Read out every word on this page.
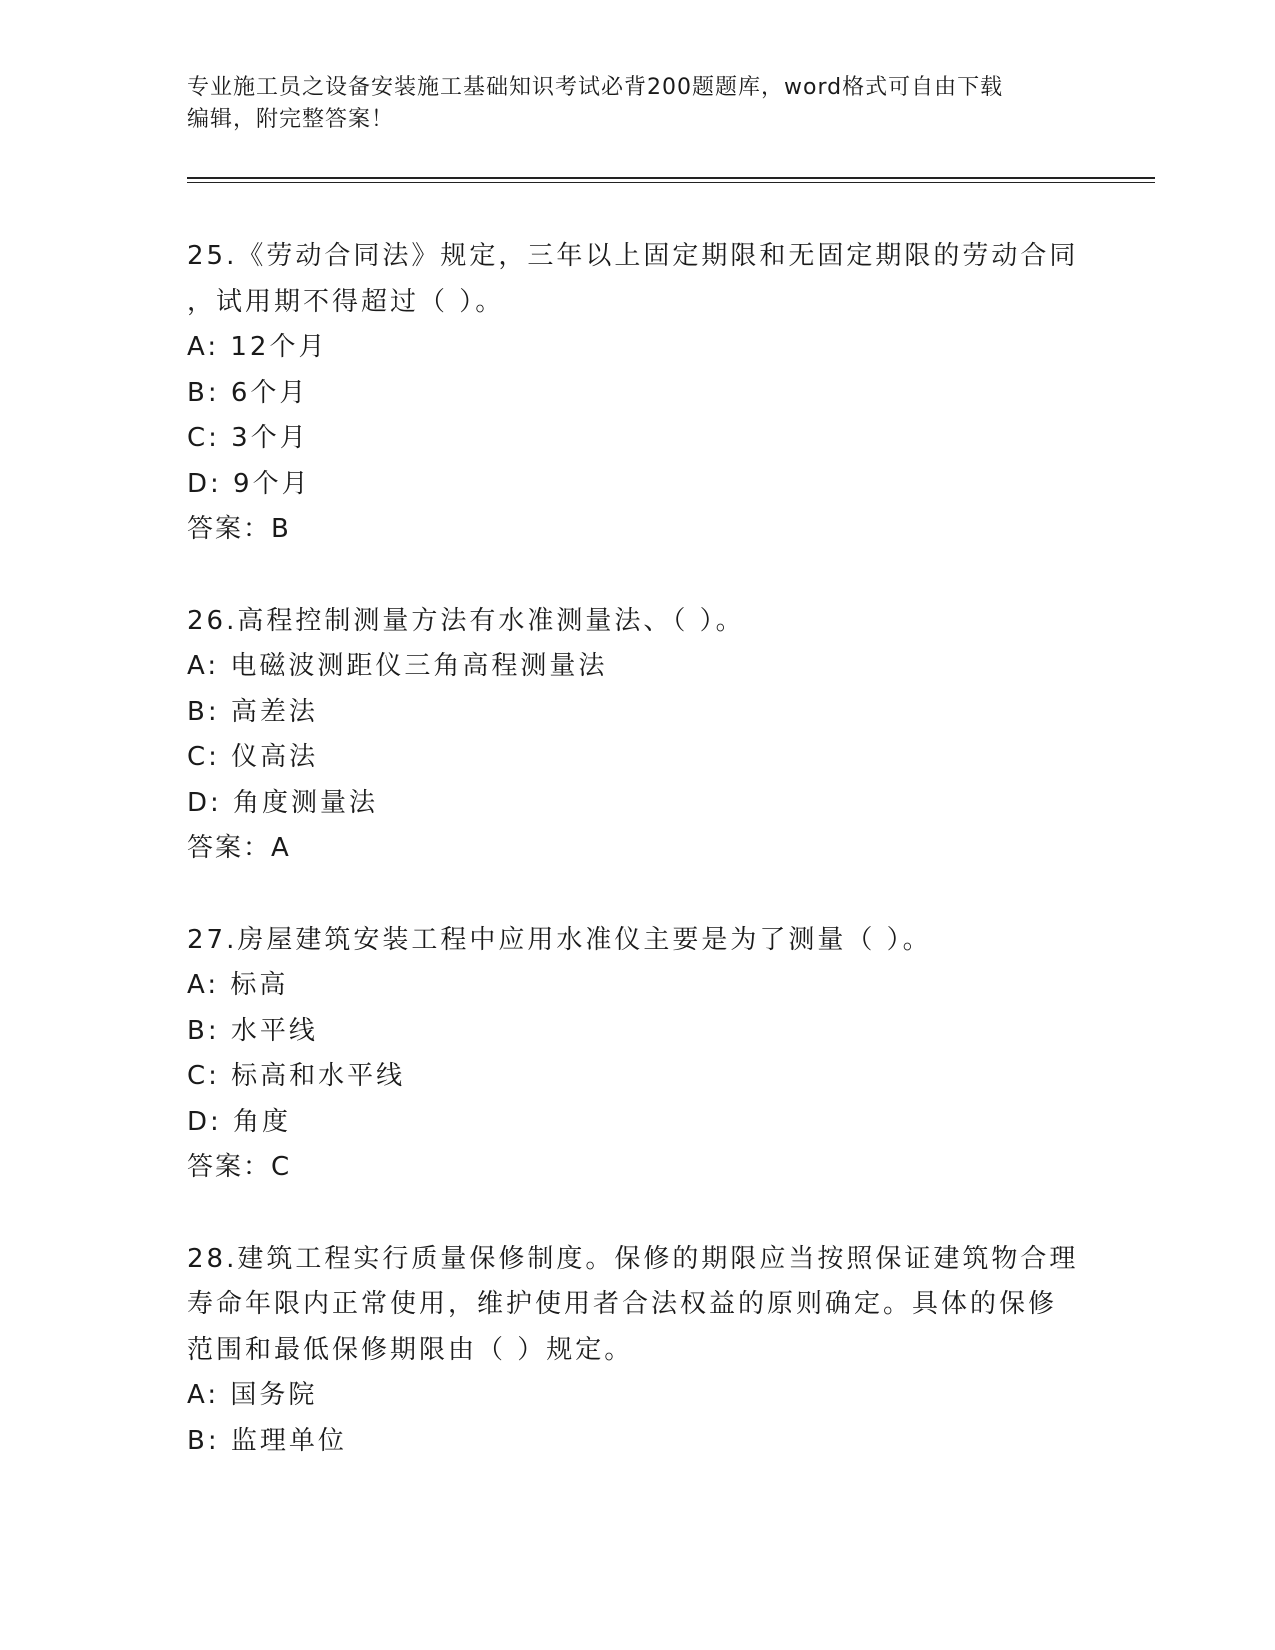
专业施工员之设备安装施工基础知识考试必背200题题库，word格式可自由下载
编辑，附完整答案！
25.《劳动合同法》规定，三年以上固定期限和无固定期限的劳动合同
，试用期不得超过（ ）。
A: 12个月
B: 6个月
C: 3个月
D: 9个月
答案：B
26.高程控制测量方法有水准测量法、（ ）。
A: 电磁波测距仪三角高程测量法
B: 高差法
C: 仪高法
D: 角度测量法
答案：A
27.房屋建筑安装工程中应用水准仪主要是为了测量（ ）。
A: 标高
B: 水平线
C: 标高和水平线
D: 角度
答案：C
28.建筑工程实行质量保修制度。保修的期限应当按照保证建筑物合理
寿命年限内正常使用，维护使用者合法权益的原则确定。具体的保修
范围和最低保修期限由（ ）规定。
A: 国务院
B: 监理单位
